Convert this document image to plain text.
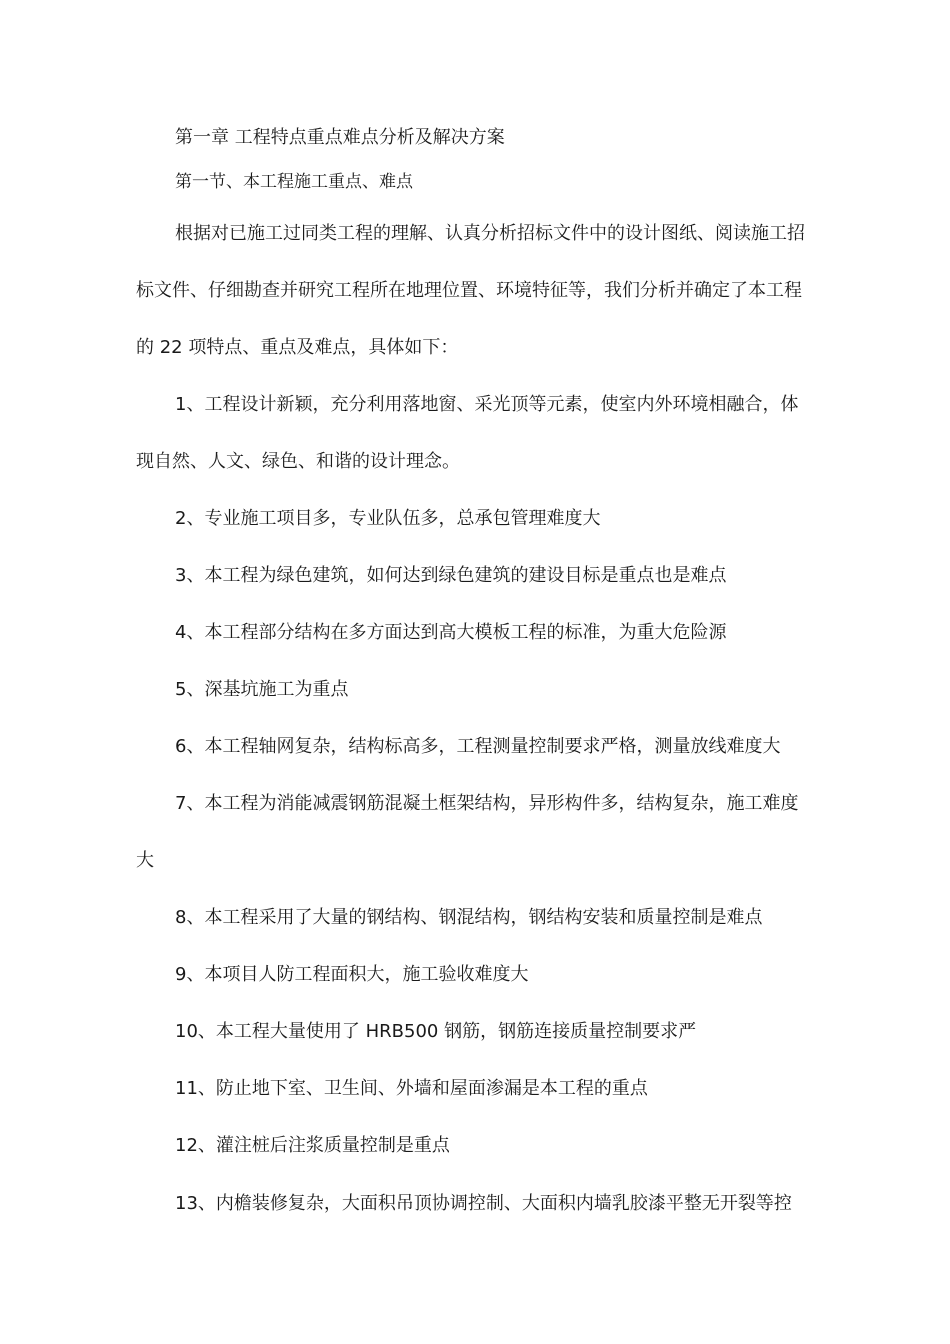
第一章 工程特点重点难点分析及解决方案
第一节、本工程施工重点、难点
根据对已施工过同类工程的理解、认真分析招标文件中的设计图纸、阅读施工招
标文件、仔细勘查并研究工程所在地理位置、环境特征等，我们分析并确定了本工程
的 22 项特点、重点及难点，具体如下：
1、工程设计新颖，充分利用落地窗、采光顶等元素，使室内外环境相融合，体
现自然、人文、绿色、和谐的设计理念。
2、专业施工项目多，专业队伍多，总承包管理难度大
3、本工程为绿色建筑，如何达到绿色建筑的建设目标是重点也是难点
4、本工程部分结构在多方面达到高大模板工程的标准，为重大危险源
5、深基坑施工为重点
6、本工程轴网复杂，结构标高多，工程测量控制要求严格，测量放线难度大
7、本工程为消能减震钢筋混凝土框架结构，异形构件多，结构复杂，施工难度
大
8、本工程采用了大量的钢结构、钢混结构，钢结构安装和质量控制是难点
9、本项目人防工程面积大，施工验收难度大
10、本工程大量使用了 HRB500 钢筋，钢筋连接质量控制要求严
11、防止地下室、卫生间、外墙和屋面渗漏是本工程的重点
12、灌注桩后注浆质量控制是重点
13、内檐装修复杂，大面积吊顶协调控制、大面积内墙乳胶漆平整无开裂等控
